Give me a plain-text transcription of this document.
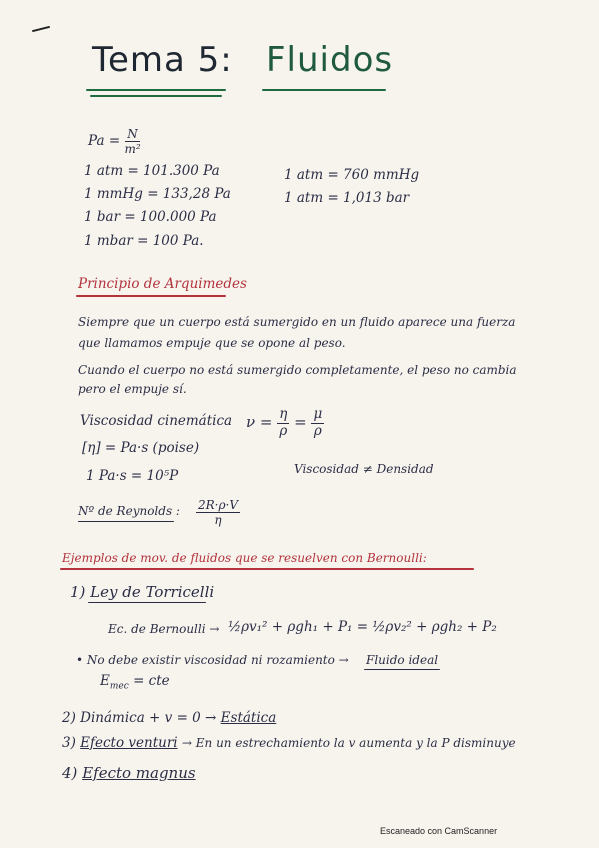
Tema 5: Fluidos
$Pa = \frac{N}{\text{m²}}$
1 atm = 101.300 Pa
1 mmHg = 133,28 Pa
1 bar = 100.000 Pa
1 mbar = 100 Pa.
1 atm = 760 mmHg
1 atm = 1,013 bar
Principio de Arquimedes
Siempre que un cuerpo está sumergido en un fluido aparece una fuerza
que llamamos empuje que se opone al peso.
Cuando el cuerpo no está sumergido completamente, el peso no cambia
pero el empuje sí.
Viscosidad cinemática $\nu = \frac{\eta}{\rho} = \frac{\mu}{\rho}$
[η] = Pa·s (poise)
1 Pa·s = 10⁵P	Viscosidad ≠ Densidad
Nº de Reynolds : $\frac{2R\cdot\rho\cdot V}{\eta}$
Ejemplos de mov. de fluidos que se resuelven con Bernoulli:
1) Ley de Torricelli
Ec. de Bernoulli → ½ρv₁² + ρgh₁ + P₁ = ½ρv₂² + ρgh₂ + P₂
• No debe existir viscosidad ni rozamiento → Fluido ideal
$E_{mec}$ = cte
2) Dinámica + v = 0 → Estática
3) Efecto venturi → En un estrechamiento la v aumenta y la P disminuye
4) Efecto magnus
Escaneado con CamScanner
